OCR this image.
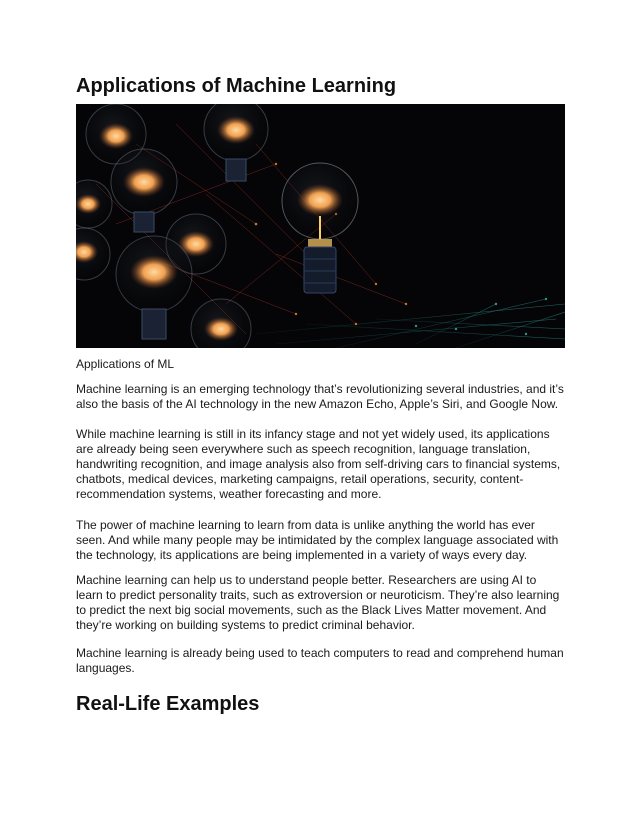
Applications of Machine Learning

Applications of ML

Machine learning is an emerging technology that’s revolutionizing several industries, and it’s also the basis of the AI technology in the new Amazon Echo, Apple’s Siri, and Google Now.

While machine learning is still in its infancy stage and not yet widely used, its applications are already being seen everywhere such as speech recognition, language translation, handwriting recognition, and image analysis also from self-driving cars to financial systems, chatbots, medical devices, marketing campaigns, retail operations, security, content-recommendation systems, weather forecasting and more.

The power of machine learning to learn from data is unlike anything the world has ever seen. And while many people may be intimidated by the complex language associated with the technology, its applications are being implemented in a variety of ways every day.

Machine learning can help us to understand people better. Researchers are using AI to learn to predict personality traits, such as extroversion or neuroticism. They’re also learning to predict the next big social movements, such as the Black Lives Matter movement. And they’re working on building systems to predict criminal behavior.

Machine learning is already being used to teach computers to read and comprehend human languages.

Real-Life Examples
